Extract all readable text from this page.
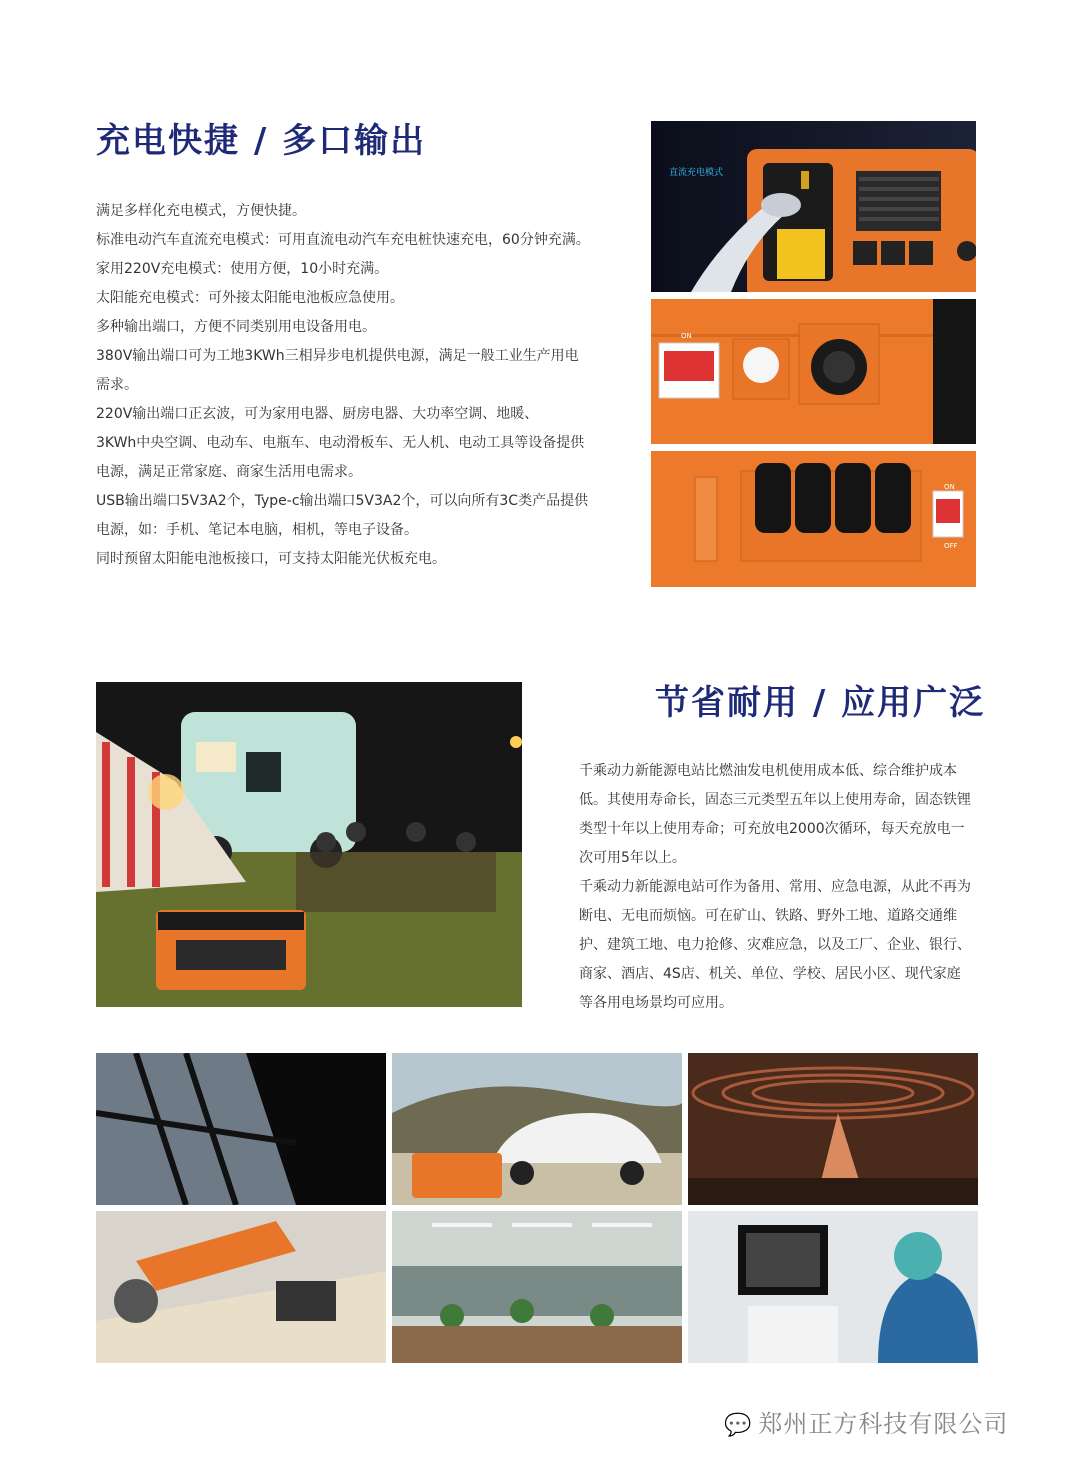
充电快捷 / 多口输出

满足多样化充电模式，方便快捷。

标准电动汽车直流充电模式：可用直流电动汽车充电桩快速充电，60分钟充满。

家用220V充电模式：使用方便，10小时充满。

太阳能充电模式：可外接太阳能电池板应急使用。

多种输出端口，方便不同类别用电设备用电。

380V输出端口可为工地3KWh三相异步电机提供电源，满足一般工业生产用电

需求。

220V输出端口正玄波，可为家用电器、厨房电器、大功率空调、地暖、

3KWh中央空调、电动车、电瓶车、电动滑板车、无人机、电动工具等设备提供

电源，满足正常家庭、商家生活用电需求。

USB输出端口5V3A2个，Type-c输出端口5V3A2个，可以向所有3C类产品提供

电源，如：手机、笔记本电脑，相机，等电子设备。

同时预留太阳能电池板接口，可支持太阳能光伏板充电。

直流充电模式
ON
OFF
ON
OFF
节省耐用 / 应用广泛

千乘动力新能源电站比燃油发电机使用成本低、综合维护成本

低。其使用寿命长，固态三元类型五年以上使用寿命，固态铁锂

类型十年以上使用寿命；可充放电2000次循环，每天充放电一

次可用5年以上。

千乘动力新能源电站可作为备用、常用、应急电源，从此不再为

断电、无电而烦恼。可在矿山、铁路、野外工地、道路交通维

护、建筑工地、电力抢修、灾难应急，以及工厂、企业、银行、

商家、酒店、4S店、机关、单位、学校、居民小区、现代家庭

等各用电场景均可应用。

💬 郑州正方科技有限公司
